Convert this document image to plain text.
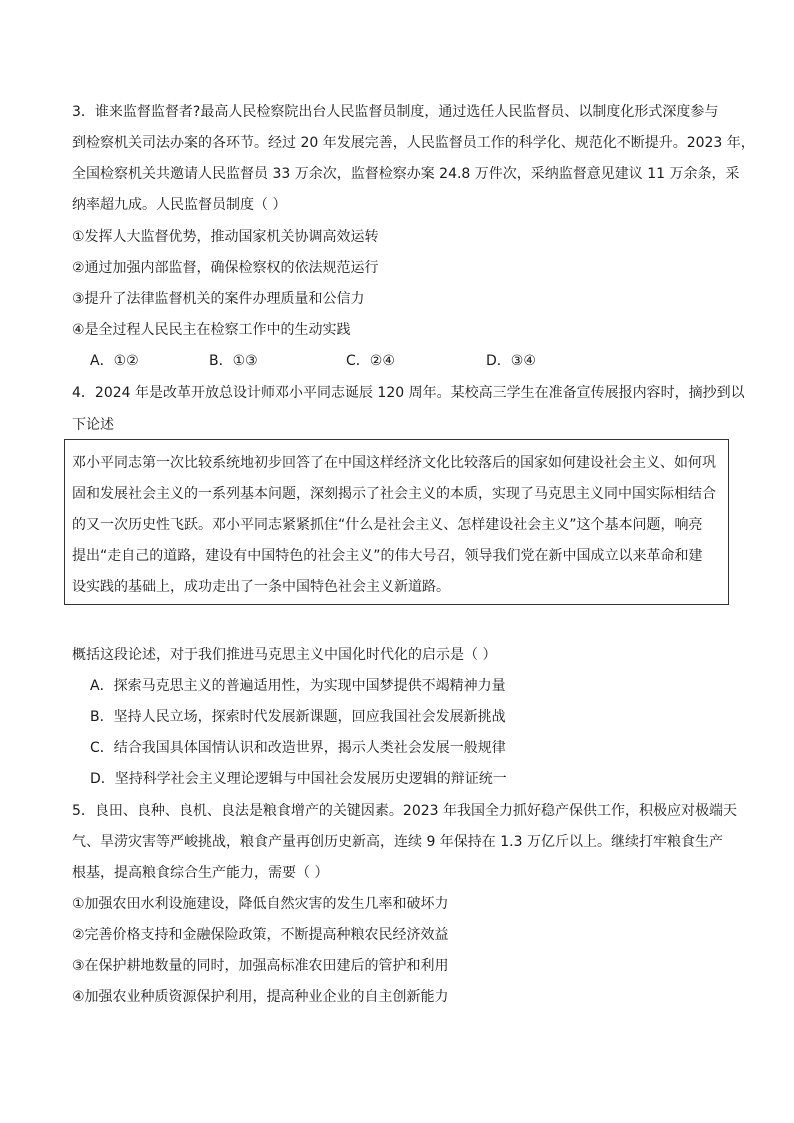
3．谁来监督监督者?最高人民检察院出台人民监督员制度，通过选任人民监督员、以制度化形式深度参与
到检察机关司法办案的各环节。经过 20 年发展完善，人民监督员工作的科学化、规范化不断提升。2023 年，
全国检察机关共邀请人民监督员 33 万余次，监督检察办案 24.8 万件次，采纳监督意见建议 11 万余条，采
纳率超九成。人民监督员制度（ ）
①发挥人大监督优势，推动国家机关协调高效运转
②通过加强内部监督，确保检察权的依法规范运行
③提升了法律监督机关的案件办理质量和公信力
④是全过程人民民主在检察工作中的生动实践
A．①②	B．①③	C．②④	D．③④
4．2024 年是改革开放总设计师邓小平同志诞辰 120 周年。某校高三学生在准备宣传展报内容时，摘抄到以
下论述
邓小平同志第一次比较系统地初步回答了在中国这样经济文化比较落后的国家如何建设社会主义、如何巩
固和发展社会主义的一系列基本问题，深刻揭示了社会主义的本质，实现了马克思主义同中国实际相结合
的又一次历史性飞跃。邓小平同志紧紧抓住“什么是社会主义、怎样建设社会主义”这个基本问题，响亮
提出“走自己的道路，建设有中国特色的社会主义”的伟大号召，领导我们党在新中国成立以来革命和建
设实践的基础上，成功走出了一条中国特色社会主义新道路。
概括这段论述，对于我们推进马克思主义中国化时代化的启示是（ ）
A．探索马克思主义的普遍适用性，为实现中国梦提供不竭精神力量
B．坚持人民立场，探索时代发展新课题，回应我国社会发展新挑战
C．结合我国具体国情认识和改造世界，揭示人类社会发展一般规律
D．坚持科学社会主义理论逻辑与中国社会发展历史逻辑的辩证统一
5．良田、良种、良机、良法是粮食增产的关键因素。2023 年我国全力抓好稳产保供工作，积极应对极端天
气、旱涝灾害等严峻挑战，粮食产量再创历史新高，连续 9 年保持在 1.3 万亿斤以上。继续打牢粮食生产
根基，提高粮食综合生产能力，需要（ ）
①加强农田水利设施建设，降低自然灾害的发生几率和破坏力
②完善价格支持和金融保险政策，不断提高种粮农民经济效益
③在保护耕地数量的同时，加强高标准农田建后的管护和利用
④加强农业种质资源保护利用，提高种业企业的自主创新能力
